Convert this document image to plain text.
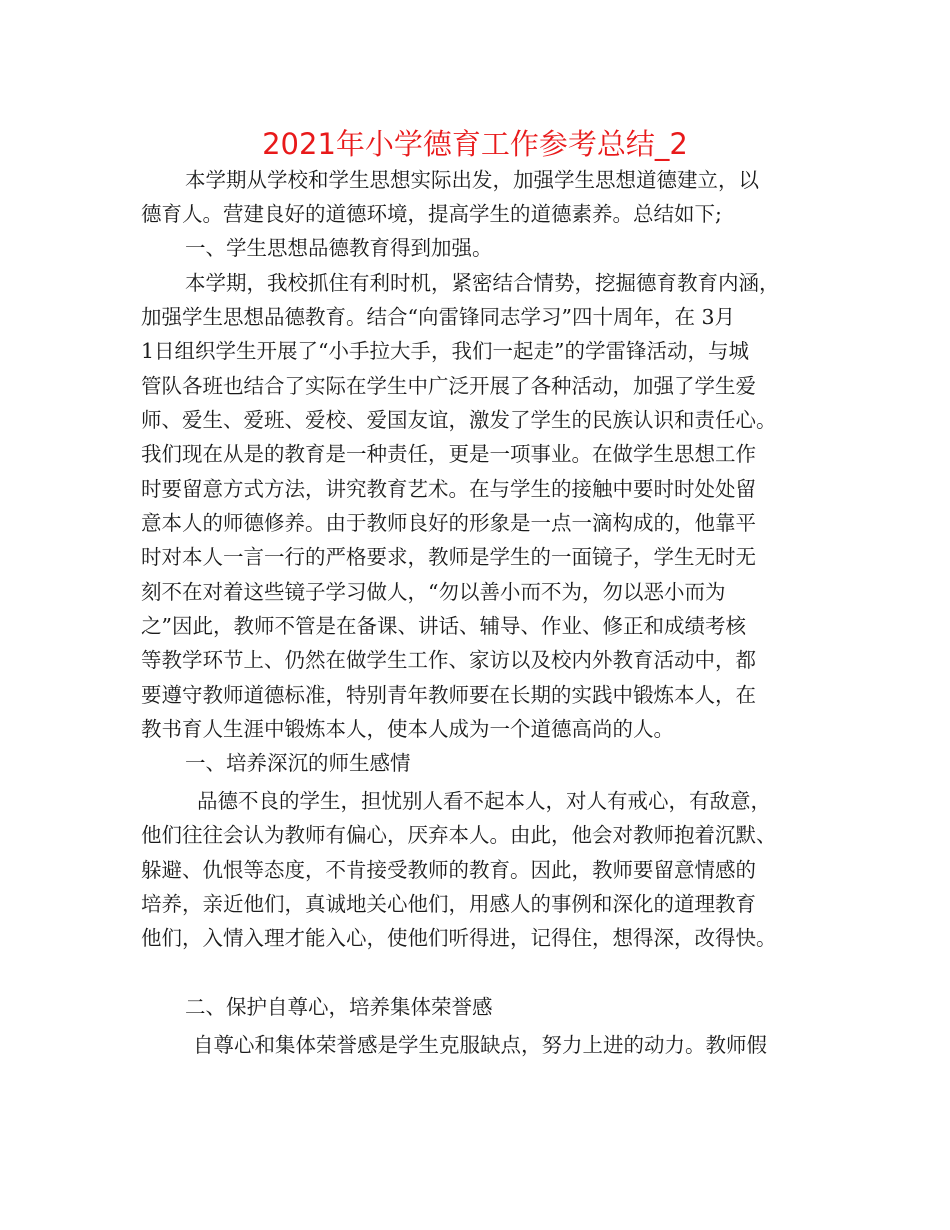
2021年小学德育工作参考总结_2
本学期从学校和学生思想实际出发，加强学生思想道德建立，以
德育人。营建良好的道德环境，提高学生的道德素养。总结如下;
一、学生思想品德教育得到加强。
本学期，我校抓住有利时机，紧密结合情势，挖掘德育教育内涵，
加强学生思想品德教育。结合“向雷锋同志学习”四十周年，在 3月
1日组织学生开展了“小手拉大手，我们一起走”的学雷锋活动，与城
管队各班也结合了实际在学生中广泛开展了各种活动，加强了学生爱
师、爱生、爱班、爱校、爱国友谊，激发了学生的民族认识和责任心。
我们现在从是的教育是一种责任，更是一项事业。在做学生思想工作
时要留意方式方法，讲究教育艺术。在与学生的接触中要时时处处留
意本人的师德修养。由于教师良好的形象是一点一滴构成的，他靠平
时对本人一言一行的严格要求，教师是学生的一面镜子，学生无时无
刻不在对着这些镜子学习做人，“勿以善小而不为，勿以恶小而为
之”因此，教师不管是在备课、讲话、辅导、作业、修正和成绩考核
等教学环节上、仍然在做学生工作、家访以及校内外教育活动中，都
要遵守教师道德标准，特别青年教师要在长期的实践中锻炼本人，在
教书育人生涯中锻炼本人，使本人成为一个道德高尚的人。
一、培养深沉的师生感情
品德不良的学生，担忧别人看不起本人，对人有戒心，有敌意，
他们往往会认为教师有偏心，厌弃本人。由此，他会对教师抱着沉默、
躲避、仇恨等态度，不肯接受教师的教育。因此，教师要留意情感的
培养，亲近他们，真诚地关心他们，用感人的事例和深化的道理教育
他们，入情入理才能入心，使他们听得进，记得住，想得深，改得快。
二、保护自尊心，培养集体荣誉感
自尊心和集体荣誉感是学生克服缺点，努力上进的动力。教师假
